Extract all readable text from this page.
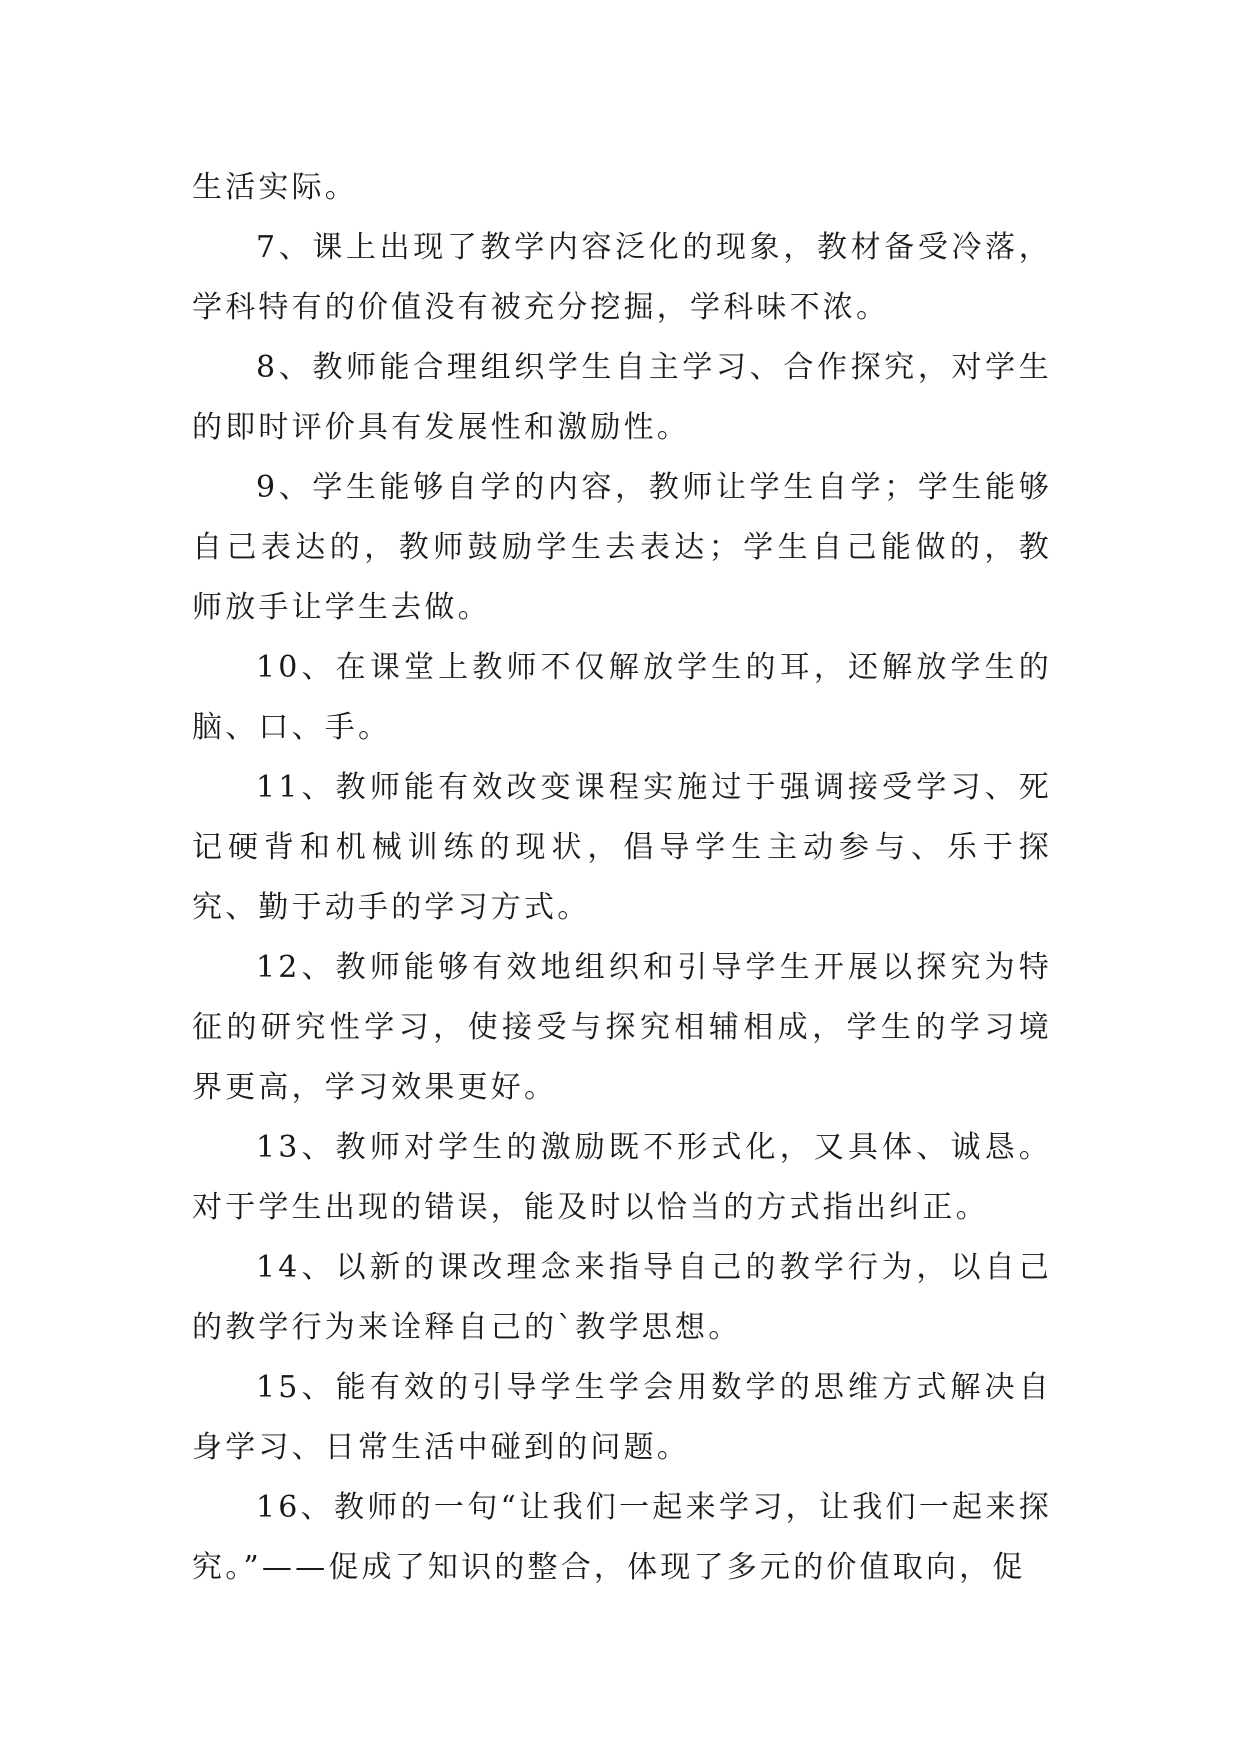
生活实际。

7、课上出现了教学内容泛化的现象，教材备受冷落，学科特有的价值没有被充分挖掘，学科味不浓。

8、教师能合理组织学生自主学习、合作探究，对学生的即时评价具有发展性和激励性。

9、学生能够自学的内容，教师让学生自学；学生能够自己表达的，教师鼓励学生去表达；学生自己能做的，教师放手让学生去做。

10、在课堂上教师不仅解放学生的耳，还解放学生的脑、口、手。

11、教师能有效改变课程实施过于强调接受学习、死记硬背和机械训练的现状，倡导学生主动参与、乐于探究、勤于动手的学习方式。

12、教师能够有效地组织和引导学生开展以探究为特征的研究性学习，使接受与探究相辅相成，学生的学习境界更高，学习效果更好。

13、教师对学生的激励既不形式化，又具体、诚恳。对于学生出现的错误，能及时以恰当的方式指出纠正。

14、以新的课改理念来指导自己的教学行为，以自己的教学行为来诠释自己的`教学思想。

15、能有效的引导学生学会用数学的思维方式解决自身学习、日常生活中碰到的问题。

16、教师的一句“让我们一起来学习，让我们一起来探究。”——促成了知识的整合，体现了多元的价值取向，促
